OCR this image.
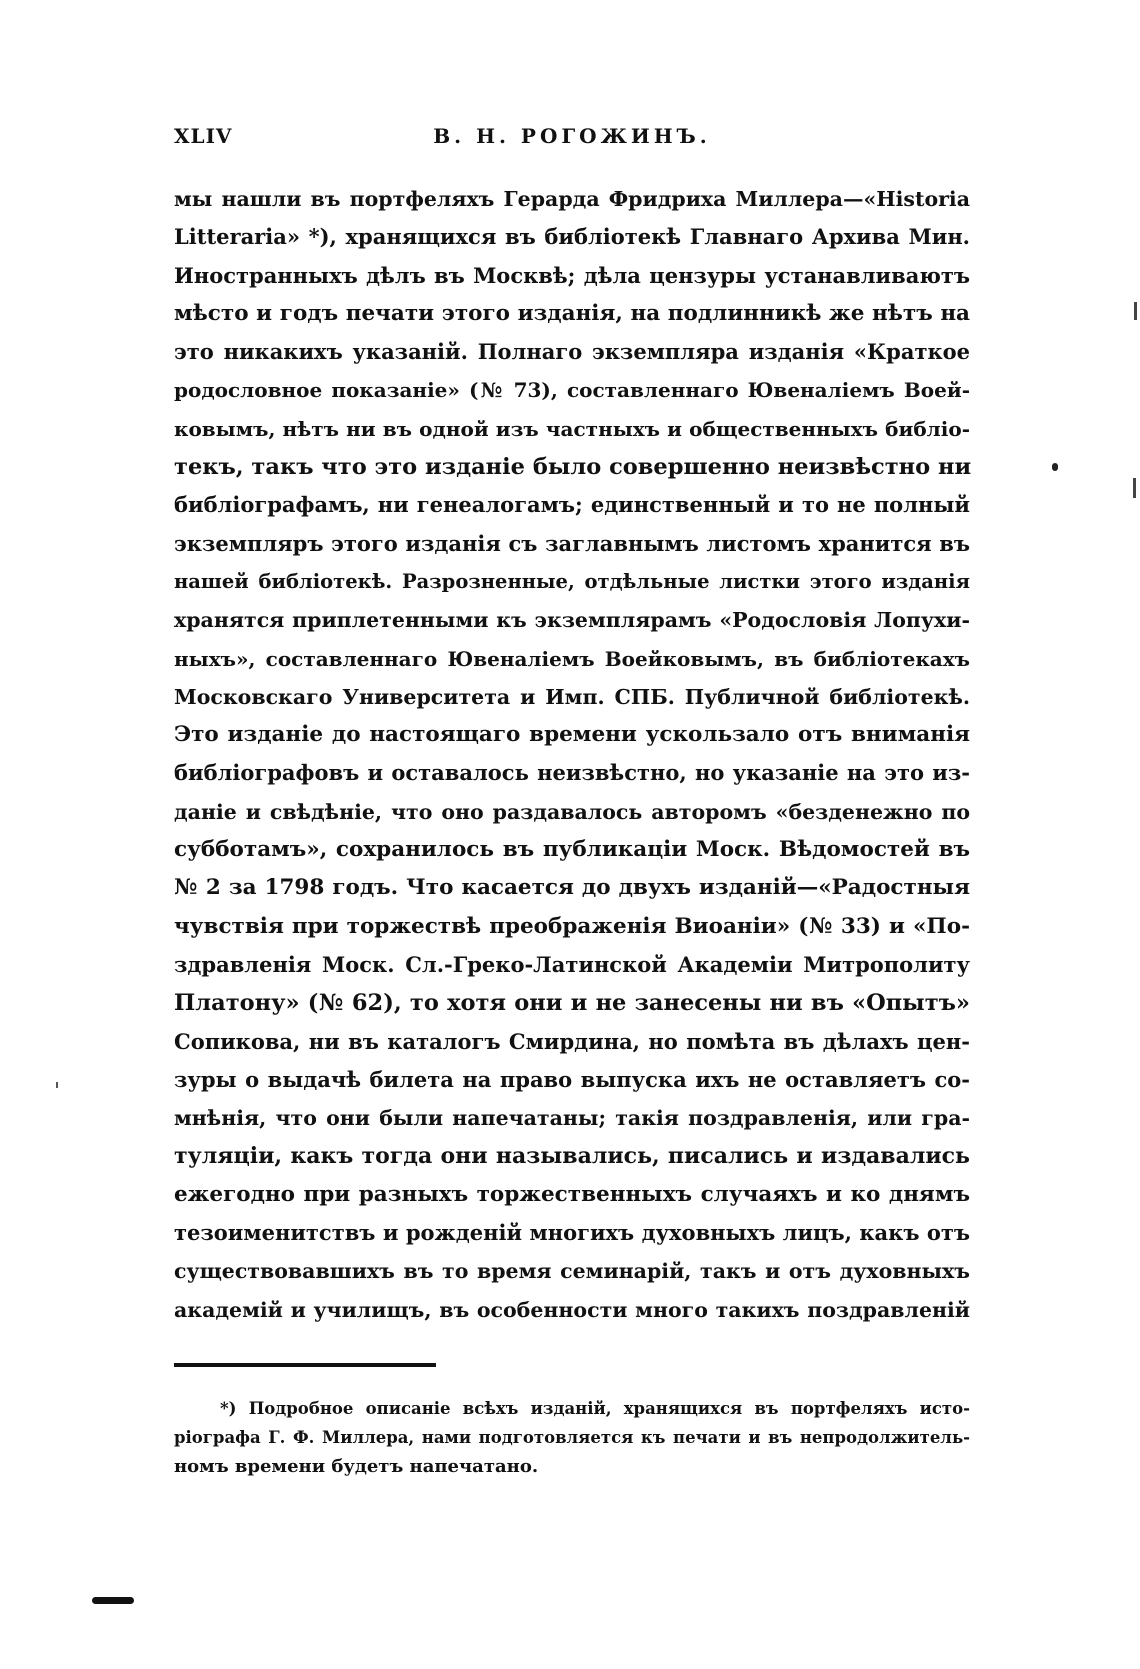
XLIV	В. Н. РОГОЖИНЪ.
мы нашли въ портфеляхъ Герарда Фридриха Миллера—«Historia
Litteraria» *), хранящихся въ библіотекѣ Главнаго Архива Мин.
Иностранныхъ дѣлъ въ Москвѣ; дѣла цензуры устанавливаютъ
мѣсто и годъ печати этого изданія, на подлинникѣ же нѣтъ на
это никакихъ указаній. Полнаго экземпляра изданія «Краткое
родословное показаніе» (№ 73), составленнаго Ювеналіемъ Воей-
ковымъ, нѣтъ ни въ одной изъ частныхъ и общественныхъ библіо-
текъ, такъ что это изданіе было совершенно неизвѣстно ни
библіографамъ, ни генеалогамъ; единственный и то не полный
экземпляръ этого изданія съ заглавнымъ листомъ хранится въ
нашей библіотекѣ. Разрозненные, отдѣльные листки этого изданія
хранятся приплетенными къ экземплярамъ «Родословія Лопухи-
ныхъ», составленнаго Ювеналіемъ Воейковымъ, въ библіотекахъ
Московскаго Университета и Имп. СПБ. Публичной библіотекѣ.
Это изданіе до настоящаго времени ускользало отъ вниманія
библіографовъ и оставалось неизвѣстно, но указаніе на это из-
даніе и свѣдѣніе, что оно раздавалось авторомъ «безденежно по
субботамъ», сохранилось въ публикаціи Моск. Вѣдомостей въ
№ 2 за 1798 годъ. Что касается до двухъ изданій—«Радостныя
чувствія при торжествѣ преображенія Виоаніи» (№ 33) и «По-
здравленія Моск. Сл.-Греко-Латинской Академіи Митрополиту
Платону» (№ 62), то хотя они и не занесены ни въ «Опытъ»
Сопикова, ни въ каталогъ Смирдина, но помѣта въ дѣлахъ цен-
зуры о выдачѣ билета на право выпуска ихъ не оставляетъ со-
мнѣнія, что они были напечатаны; такія поздравленія, или гра-
туляціи, какъ тогда они назывались, писались и издавались
ежегодно при разныхъ торжественныхъ случаяхъ и ко днямъ
тезоименитствъ и рожденій многихъ духовныхъ лицъ, какъ отъ
существовавшихъ въ то время семинарій, такъ и отъ духовныхъ
академій и училищъ, въ особенности много такихъ поздравленій
*) Подробное описаніе всѣхъ изданій, хранящихся въ портфеляхъ исто-
ріографа Г. Ф. Миллера, нами подготовляется къ печати и въ непродолжитель-
номъ времени будетъ напечатано.
